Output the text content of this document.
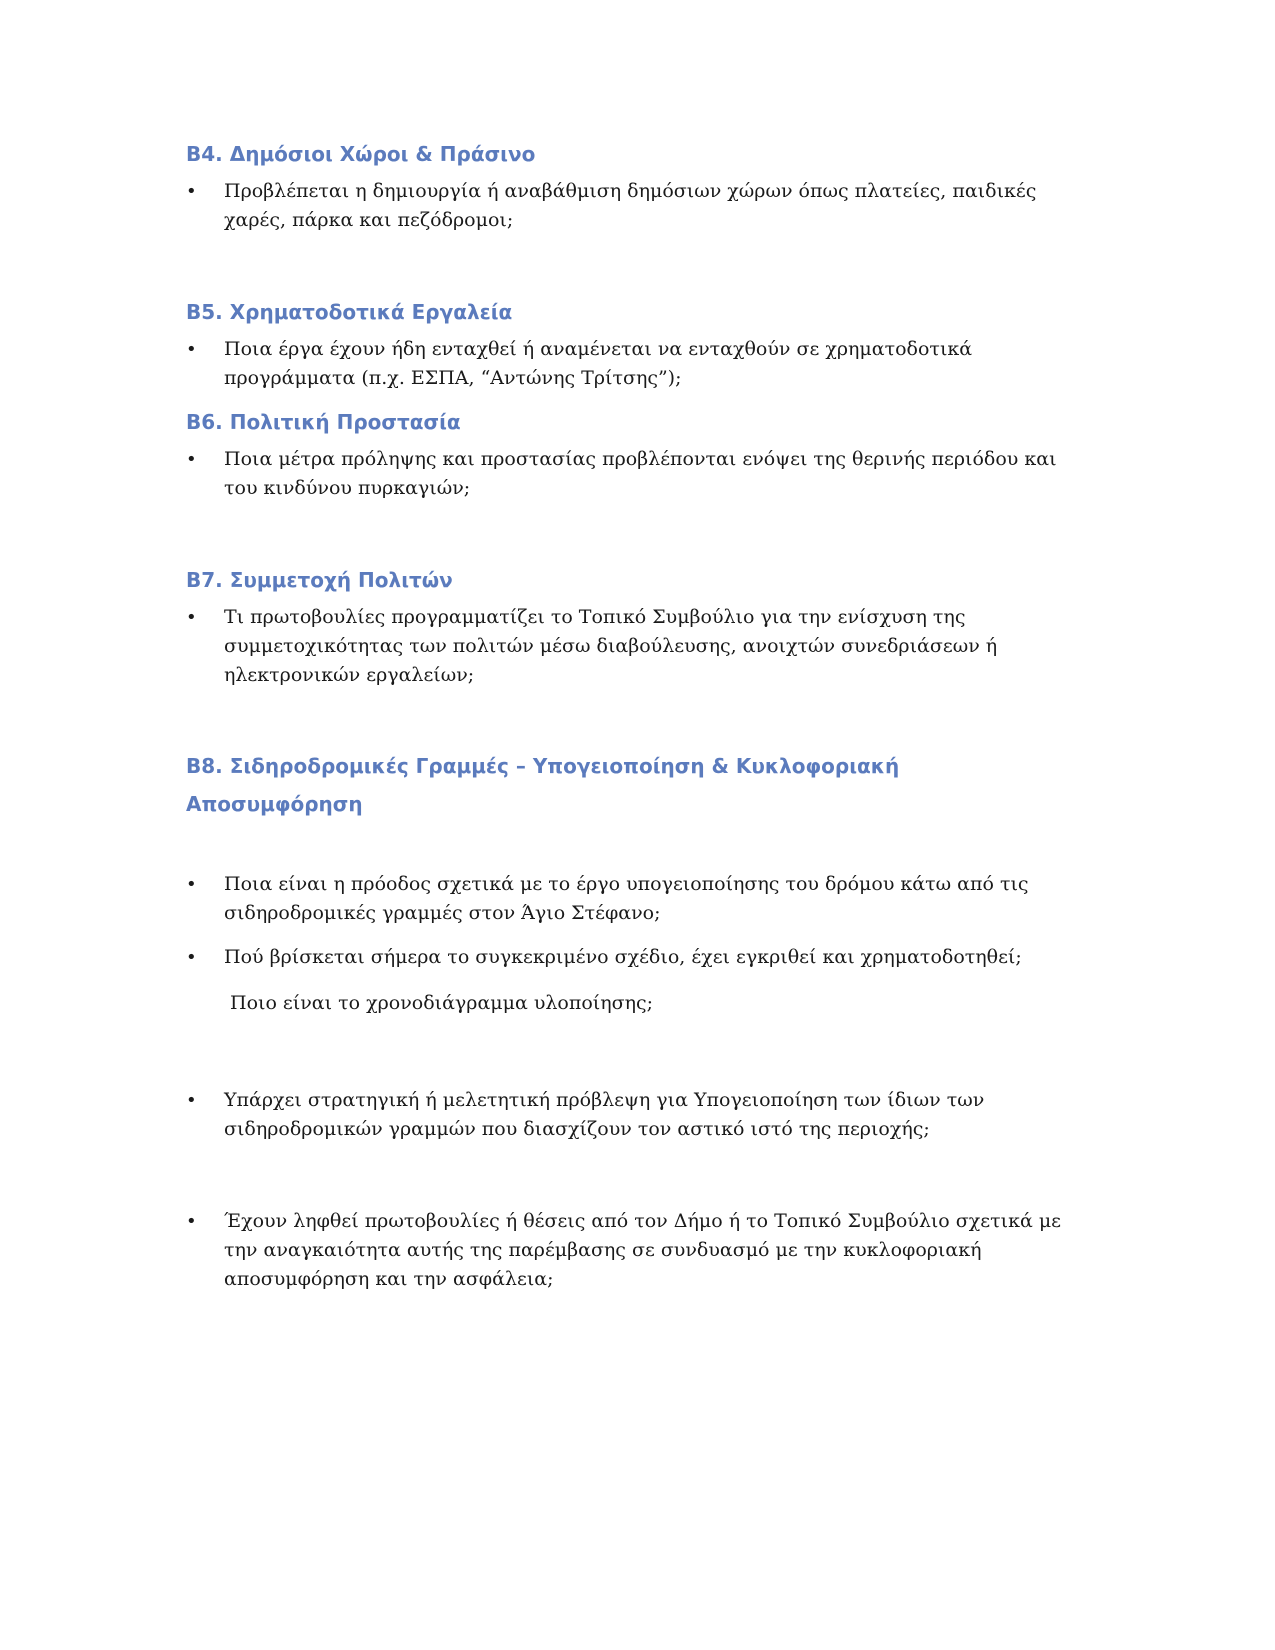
B4. Δημόσιοι Χώροι & Πράσινο
• Προβλέπεται η δημιουργία ή αναβάθμιση δημόσιων χώρων όπως πλατείες, παιδικές
χαρές, πάρκα και πεζόδρομοι;
B5. Χρηματοδοτικά Εργαλεία
• Ποια έργα έχουν ήδη ενταχθεί ή αναμένεται να ενταχθούν σε χρηματοδοτικά
προγράμματα (π.χ. ΕΣΠΑ, “Αντώνης Τρίτσης”);
B6. Πολιτική Προστασία
• Ποια μέτρα πρόληψης και προστασίας προβλέπονται ενόψει της θερινής περιόδου και
του κινδύνου πυρκαγιών;
B7. Συμμετοχή Πολιτών
• Τι πρωτοβουλίες προγραμματίζει το Τοπικό Συμβούλιο για την ενίσχυση της
συμμετοχικότητας των πολιτών μέσω διαβούλευσης, ανοιχτών συνεδριάσεων ή
ηλεκτρονικών εργαλείων;
B8. Σιδηροδρομικές Γραμμές – Υπογειοποίηση & Κυκλοφοριακή
Αποσυμφόρηση
• Ποια είναι η πρόοδος σχετικά με το έργο υπογειοποίησης του δρόμου κάτω από τις
σιδηροδρομικές γραμμές στον Άγιο Στέφανο;
• Πού βρίσκεται σήμερα το συγκεκριμένο σχέδιο, έχει εγκριθεί και χρηματοδοτηθεί;
Ποιο είναι το χρονοδιάγραμμα υλοποίησης;
• Υπάρχει στρατηγική ή μελετητική πρόβλεψη για Υπογειοποίηση των ίδιων των
σιδηροδρομικών γραμμών που διασχίζουν τον αστικό ιστό της περιοχής;
• Έχουν ληφθεί πρωτοβουλίες ή θέσεις από τον Δήμο ή το Τοπικό Συμβούλιο σχετικά με
την αναγκαιότητα αυτής της παρέμβασης σε συνδυασμό με την κυκλοφοριακή
αποσυμφόρηση και την ασφάλεια;
